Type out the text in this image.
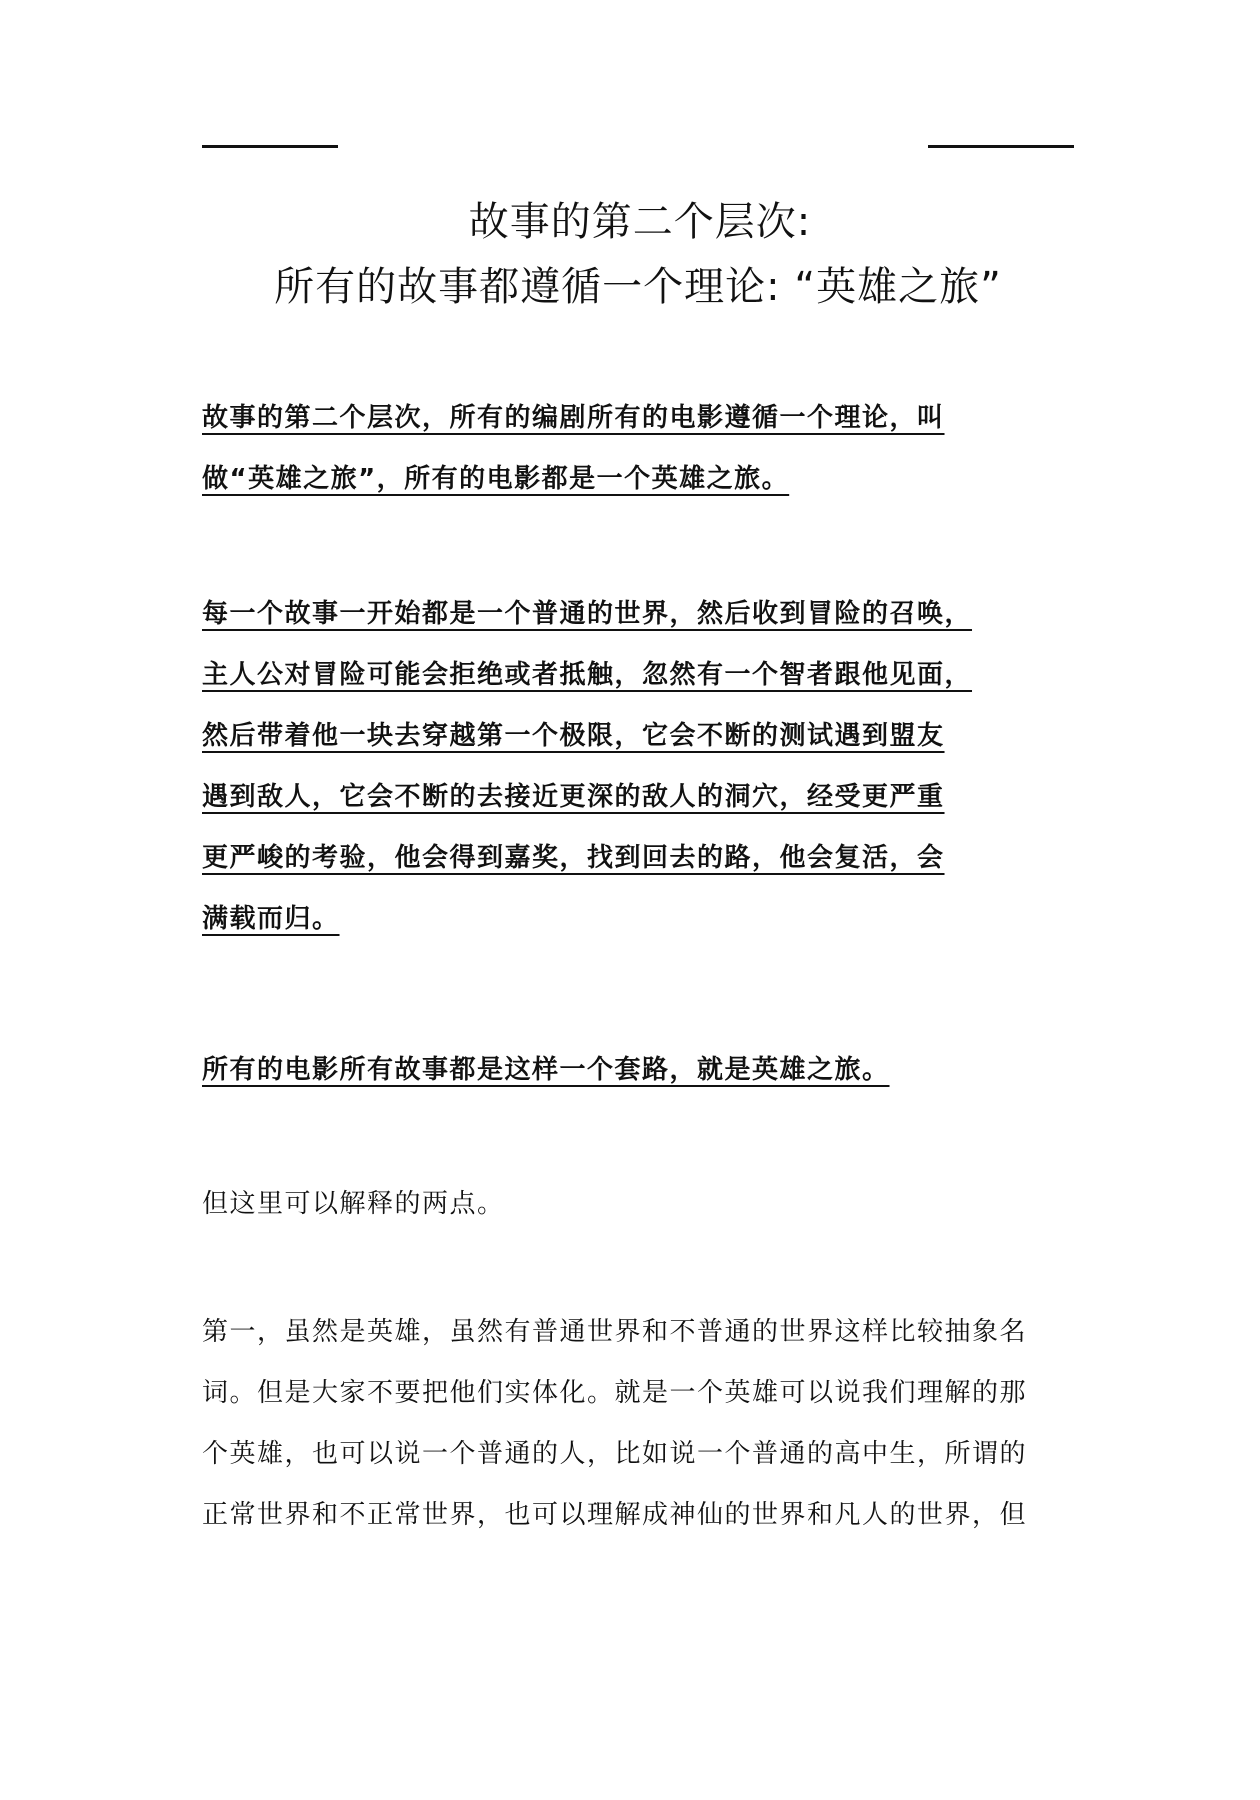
故事的第二个层次:
所有的故事都遵循一个理论: “英雄之旅”
故事的第二个层次，所有的编剧所有的电影遵循一个理论，叫
做“英雄之旅”，所有的电影都是一个英雄之旅。
每一个故事一开始都是一个普通的世界，然后收到冒险的召唤，
主人公对冒险可能会拒绝或者抵触，忽然有一个智者跟他见面，
然后带着他一块去穿越第一个极限，它会不断的测试遇到盟友
遇到敌人，它会不断的去接近更深的敌人的洞穴，经受更严重
更严峻的考验，他会得到嘉奖，找到回去的路，他会复活，会
满载而归。
所有的电影所有故事都是这样一个套路，就是英雄之旅。
但这里可以解释的两点。
第一，虽然是英雄，虽然有普通世界和不普通的世界这样比较抽象名
词。但是大家不要把他们实体化。就是一个英雄可以说我们理解的那
个英雄，也可以说一个普通的人，比如说一个普通的高中生，所谓的
正常世界和不正常世界，也可以理解成神仙的世界和凡人的世界，但
